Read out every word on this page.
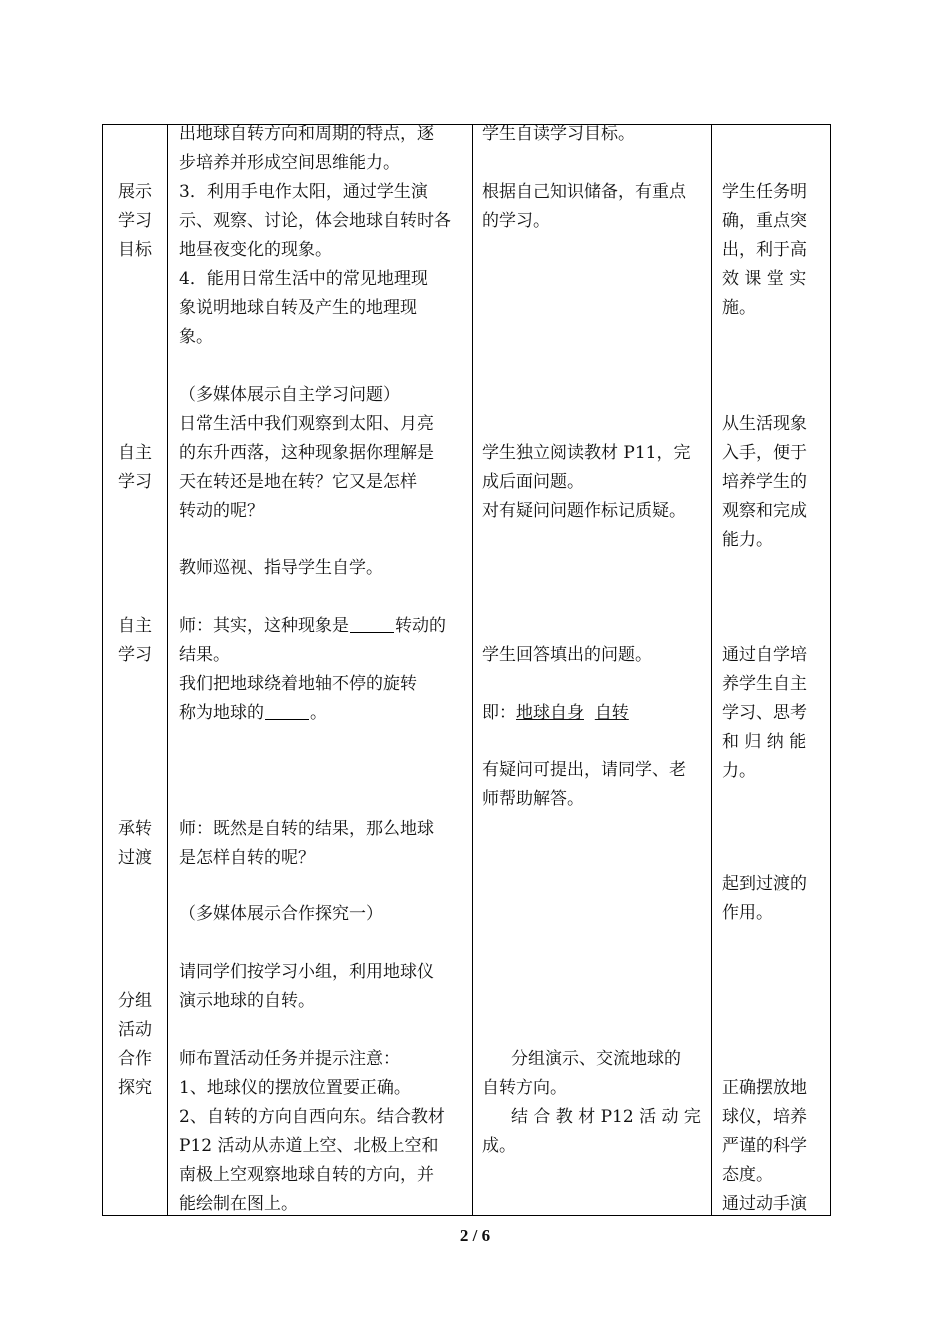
展示
学习
目标
自主
学习
自主
学习
承转
过渡
分组
活动
合作
探究
出地球自转方向和周期的特点，逐
步培养并形成空间思维能力。
3．利用手电作太阳，通过学生演
示、观察、讨论，体会地球自转时各
地昼夜变化的现象。
4．能用日常生活中的常见地理现
象说明地球自转及产生的地理现
象。
（多媒体展示自主学习问题）
日常生活中我们观察到太阳、月亮
的东升西落，这种现象据你理解是
天在转还是地在转？它又是怎样
转动的呢？
教师巡视、指导学生自学。
师：其实，这种现象是	转动的
结果。
我们把地球绕着地轴不停的旋转
称为地球的	。
师：既然是自转的结果，那么地球
是怎样自转的呢？
（多媒体展示合作探究一）
请同学们按学习小组，利用地球仪
演示地球的自转。
师布置活动任务并提示注意：
1、地球仪的摆放位置要正确。
2、自转的方向自西向东。结合教材
P12 活动从赤道上空、北极上空和
南极上空观察地球自转的方向，并
能绘制在图上。
学生自读学习目标。
根据自己知识储备，有重点
的学习。
学生独立阅读教材 P11，完
成后面问题。
对有疑问问题作标记质疑。
学生回答填出的问题。
即：地球自身 自转
有疑问可提出，请同学、老
师帮助解答。
分组演示、交流地球的
自转方向。
结 合 教 材 P12 活 动 完
成。
学生任务明
确，重点突
出，利于高
效 课 堂 实
施。
从生活现象
入手，便于
培养学生的
观察和完成
能力。
通过自学培
养学生自主
学习、思考
和 归 纳 能
力。
起到过渡的
作用。
正确摆放地
球仪，培养
严谨的科学
态度。
通过动手演
2 / 6
